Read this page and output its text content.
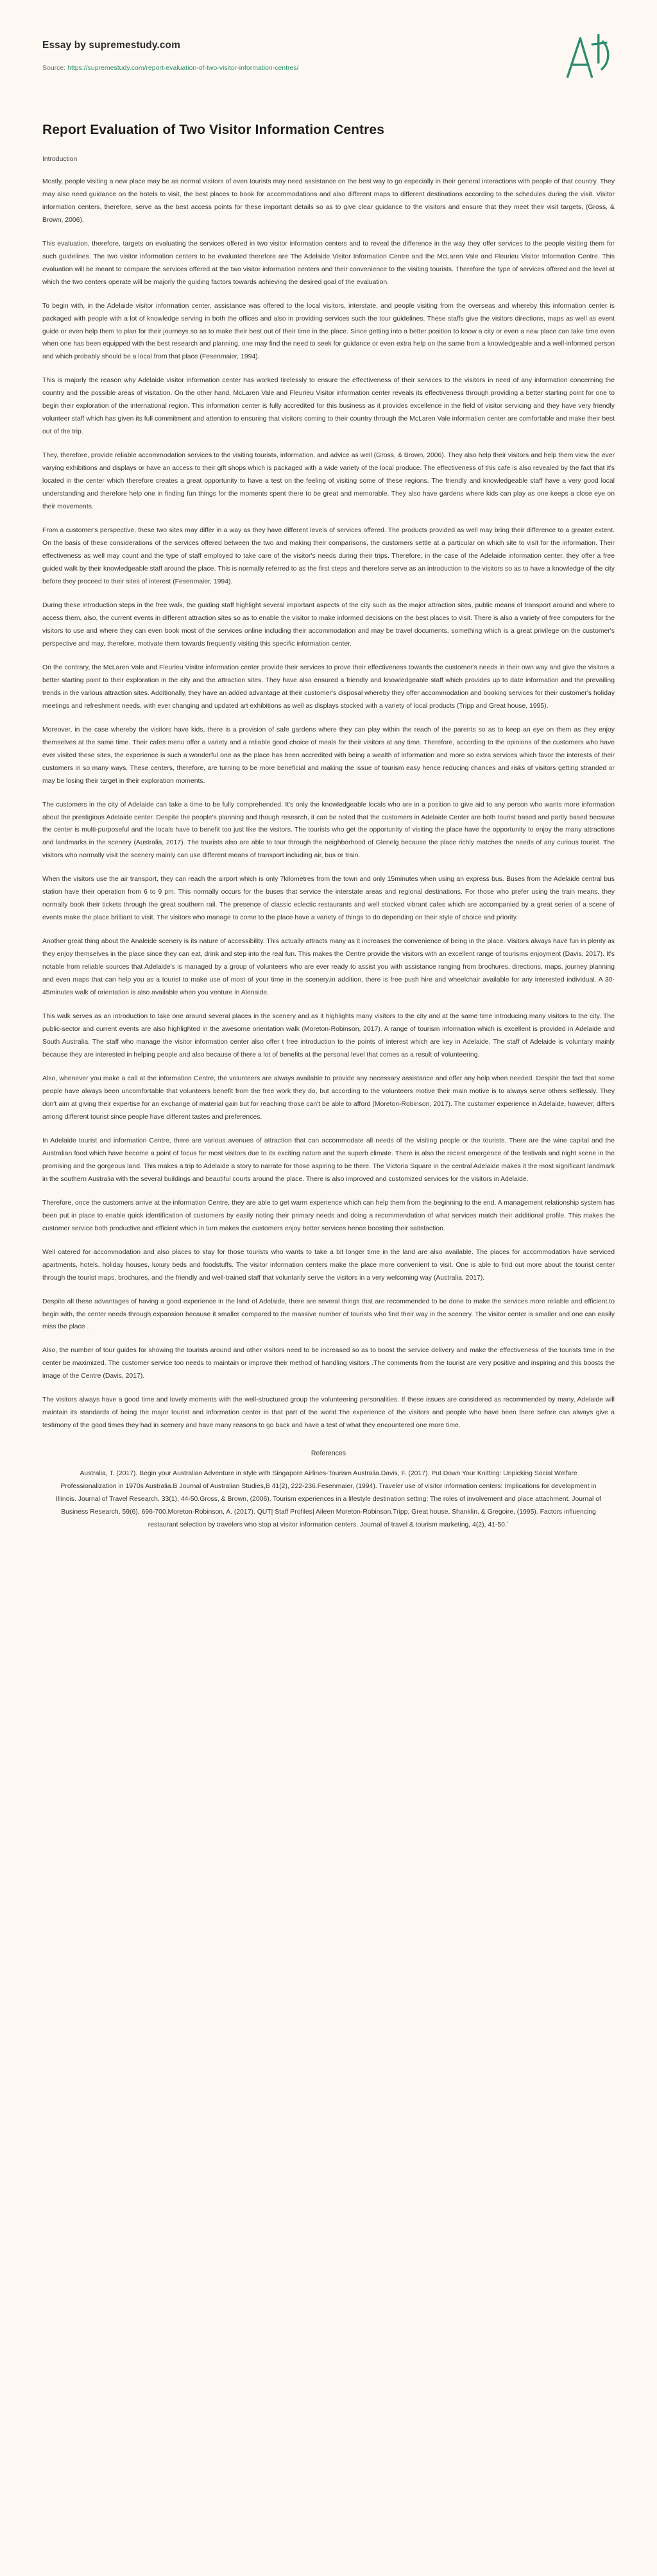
Essay by supremestudy.com
Source: https://supremestudy.com/report-evaluation-of-two-visitor-information-centres/
Report Evaluation of Two Visitor Information Centres
Introduction

Mostly, people visiting a new place may be as normal visitors of even tourists may need assistance on the best way to go especially in their general interactions with people of that country. They may also need guidance on the hotels to visit, the best places to book for accommodations and also different maps to different destinations according to the schedules during the visit. Visitor information centers, therefore, serve as the best access points for these important details so as to give clear guidance to the visitors and ensure that they meet their visit targets, (Gross, & Brown, 2006).

This evaluation, therefore, targets on evaluating the services offered in two visitor information centers and to reveal the difference in the way they offer services to the people visiting them for such guidelines. The two visitor information centers to be evaluated therefore are The Adelaide Visitor Information Centre and the McLaren Vale and Fleurieu Visitor Information Centre. This evaluation will be meant to compare the services offered at the two visitor information centers and their convenience to the visiting tourists. Therefore the type of services offered and the level at which the two centers operate will be majorly the guiding factors towards achieving the desired goal of the evaluation.

To begin with, in the Adelaide visitor information center, assistance was offered to the local visitors, interstate, and people visiting from the overseas and whereby this information center is packaged with people with a lot of knowledge serving in both the offices and also in providing services such the tour guidelines. These staffs give the visitors directions, maps as well as event guide or even help them to plan for their journeys so as to make their best out of their time in the place. Since getting into a better position to know a city or even a new place can take time even when one has been equipped with the best research and planning, one may find the need to seek for guidance or even extra help on the same from a knowledgeable and a well-informed person and which probably should be a local from that place (Fesenmaier, 1994).

This is majorly the reason why Adelaide visitor information center has worked tirelessly to ensure the effectiveness of their services to the visitors in need of any information concerning the country and the possible areas of visitation. On the other hand, McLaren Vale and Fleurieu Visitor information center reveals its effectiveness through providing a better starting point for one to begin their exploration of the international region. This information center is fully accredited for this business as it provides excellence in the field of visitor servicing and they have very friendly volunteer staff which has given its full commitment and attention to ensuring that visitors coming to their country through the McLaren Vale information center are comfortable and make their best out of the trip.

They, therefore, provide reliable accommodation services to the visiting tourists, information, and advice as well (Gross, & Brown, 2006). They also help their visitors and help them view the ever varying exhibitions and displays or have an access to their gift shops which is packaged with a wide variety of the local produce. The effectiveness of this cafe is also revealed by the fact that it's located in the center which therefore creates a great opportunity to have a test on the feeling of visiting some of these regions. The friendly and knowledgeable staff have a very good local understanding and therefore help one in finding fun things for the moments spent there to be great and memorable. They also have gardens where kids can play as one keeps a close eye on their movements.

From a customer's perspective, these two sites may differ in a way as they have different levels of services offered. The products provided as well may bring their difference to a greater extent. On the basis of these considerations of the services offered between the two and making their comparisons, the customers settle at a particular on which site to visit for the information. Their effectiveness as well may count and the type of staff employed to take care of the visitor's needs during their trips. Therefore, in the case of the Adelaide information center, they offer a free guided walk by their knowledgeable staff around the place. This is normally referred to as the first steps and therefore serve as an introduction to the visitors so as to have a knowledge of the city before they proceed to their sites of interest (Fesenmaier, 1994).

During these introduction steps in the free walk, the guiding staff highlight several important aspects of the city such as the major attraction sites, public means of transport around and where to access them, also, the current events in different attraction sites so as to enable the visitor to make informed decisions on the best places to visit. There is also a variety of free computers for the visitors to use and where they can even book most of the services online including their accommodation and may be travel documents, something which is a great privilege on the customer's perspective and may, therefore, motivate them towards frequently visiting this specific information center.

On the contrary, the McLaren Vale and Fleurieu Visitor information center provide their services to prove their effectiveness towards the customer's needs in their own way and give the visitors a better starting point to their exploration in the city and the attraction sites. They have also ensured a friendly and knowledgeable staff which provides up to date information and the prevailing trends in the various attraction sites. Additionally, they have an added advantage at their customer's disposal whereby they offer accommodation and booking services for their customer's holiday meetings and refreshment needs, with ever changing and updated art exhibitions as well as displays stocked with a variety of local products (Tripp and Great house, 1995).

Moreover, in the case whereby the visitors have kids, there is a provision of safe gardens where they can play within the reach of the parents so as to keep an eye on them as they enjoy themselves at the same time. Their cafes menu offer a variety and a reliable good choice of meals for their visitors at any time. Therefore, according to the opinions of the customers who have ever visited these sites, the experience is such a wonderful one as the place has been accredited with being a wealth of information and more so extra services which favor the interests of their customers in so many ways. These centers, therefore, are turning to be more beneficial and making the issue of tourism easy hence reducing chances and risks of visitors getting stranded or may be losing their target in their exploration moments.

The customers in the city of Adelaide can take a time to be fully comprehended. It's only the knowledgeable locals who are in a position to give aid to any person who wants more information about the prestigious Adelaide center. Despite the people's planning and though research, it can be noted that the customers in Adelaide Center are both tourist based and partly based because the center is multi-purposeful and the locals have to benefit too just like the visitors. The tourists who get the opportunity of visiting the place have the opportunity to enjoy the many attractions and landmarks in the scenery (Australia, 2017). The tourists also are able to tour through the neighborhood of Glenelg because the place richly matches the needs of any curious tourist. The visitors who normally visit the scenery mainly can use different means of transport including air, bus or train.

When the visitors use the air transport, they can reach the airport which is only 7kilometres from the town and only 15minutes when using an express bus. Buses from the Adelaide central bus station have their operation from 6 to 9 pm. This normally occurs for the buses that service the interstate areas and regional destinations. For those who prefer using the train means, they normally book their tickets through the great southern rail. The presence of classic eclectic restaurants and well stocked vibrant cafes which are accompanied by a great series of a scene of events make the place brilliant to visit. The visitors who manage to come to the place have a variety of things to do depending on their style of choice and priority.

Another great thing about the Analeide scenery is its nature of accessibility. This actually attracts many as it increases the convenience of being in the place. Visitors always have fun in plenty as they enjoy themselves in the place since they can eat, drink and step into the real fun. This makes the Centre provide the visitors with an excellent range of tourisms enjoyment (Davis, 2017). It's notable from reliable sources that Adelaide's is managed by a group of volunteers who are ever ready to assist you with assistance ranging from brochures, directions, maps, journey planning and even maps that can help you as a tourist to make use of most of your time in the scenery.in addition, there is free push hire and wheelchair available for any interested individual. A 30-45minutes walk of orientation is also available when you venture in Alenaide.

This walk serves as an introduction to take one around several places in the scenery and as it highlights many visitors to the city and at the same time introducing many visitors to the city. The public-sector and current events are also highlighted in the awesome orientation walk (Moreton-Robinson, 2017). A range of tourism information which is excellent is provided in Adelaide and South Australia. The staff who manage the visitor information center also offer t free introduction to the points of interest which are key in Adelaide. The staff of Adelaide is voluntary mainly because they are interested in helping people and also because of there a lot of benefits at the personal level that comes as a result of volunteering.

Also, whenever you make a call at the information Centre, the volunteers are always available to provide any necessary assistance and offer any help when needed. Despite the fact that some people have always been uncomfortable that volunteers benefit from the free work they do, but according to the volunteers motive their main motive is to always serve others selflessly. They don't aim at giving their expertise for an exchange of material gain but for reaching those can't be able to afford (Moreton-Robinson, 2017). The customer experience in Adelaide, however, differs among different tourist since people have different tastes and preferences.

In Adelaide tourist and information Centre, there are various avenues of attraction that can accommodate all needs of the visiting people or the tourists. There are the wine capital and the Australian food which have become a point of focus for most visitors due to its exciting nature and the superb climate. There is also the recent emergence of the festivals and night scene in the promising and the gorgeous land. This makes a trip to Adelaide a story to narrate for those aspiring to be there. The Victoria Square in the central Adelaide makes it the most significant landmark in the southern Australia with the several buildings and beautiful courts around the place. There is also improved and customized services for the visitors in Adelaide.

Therefore, once the customers arrive at the information Centre, they are able to get warm experience which can help them from the beginning to the end. A management relationship system has been put in place to enable quick identification of customers by easily noting their primary needs and doing a recommendation of what services match their additional profile. This makes the customer service both productive and efficient which in turn makes the customers enjoy better services hence boosting their satisfaction.

Well catered for accommodation and also places to stay for those tourists who wants to take a bit longer time in the land are also available. The places for accommodation have serviced apartments, hotels, holiday houses, luxury beds and foodstuffs. The visitor information centers make the place more convenient to visit. One is able to find out more about the tourist center through the tourist maps, brochures, and the friendly and well-trained staff that voluntarily serve the visitors in a very welcoming way (Australia, 2017).

Despite all these advantages of having a good experience in the land of Adelaide, there are several things that are recommended to be done to make the services more reliable and efficient.to begin with, the center needs through expansion because it smaller compared to the massive number of tourists who find their way in the scenery. The visitor center is smaller and one can easily miss the place .

Also, the number of tour guides for showing the tourists around and other visitors need to be increased so as to boost the service delivery and make the effectiveness of the tourists time in the center be maximized. The customer service too needs to maintain or improve their method of handling visitors .The comments from the tourist are very positive and inspiring and this boosts the image of the Centre (Davis, 2017).

The visitors always have a good time and lovely moments with the well-structured group the volunteering personalities. If these issues are considered as recommended by many, Adelaide will maintain its standards of being the major tourist and information center in that part of the world.The experience of the visitors and people who have been there before can always give a testimony of the good times they had in scenery and have many reasons to go back and have a test of what they encountered one more time.

References

Australia, T. (2017). Begin your Australian Adventure in style with Singapore Airlines-Tourism Australia.Davis, F. (2017). Put Down Your Knitting: Unpicking Social Welfare Professionalization in 1970s Australia.B Journal of Australian Studies,B 41(2), 222-236.Fesenmaier, (1994). Traveler use of visitor information centers: Implications for development in Illinois. Journal of Travel Research, 33(1), 44-50.Gross, & Brown, (2006). Tourism experiences in a lifestyle destination setting: The roles of involvement and place attachment. Journal of Business Research, 59(6), 696-700.Moreton-Robinson, A. (2017). QUT| Staff Profiles| Aileen Moreton-Robinson.Tripp, Great house, Shanklin, & Gregoire, (1995). Factors influencing restaurant selection by travelers who stop at visitor information centers. Journal of travel & tourism marketing, 4(2), 41-50.`
